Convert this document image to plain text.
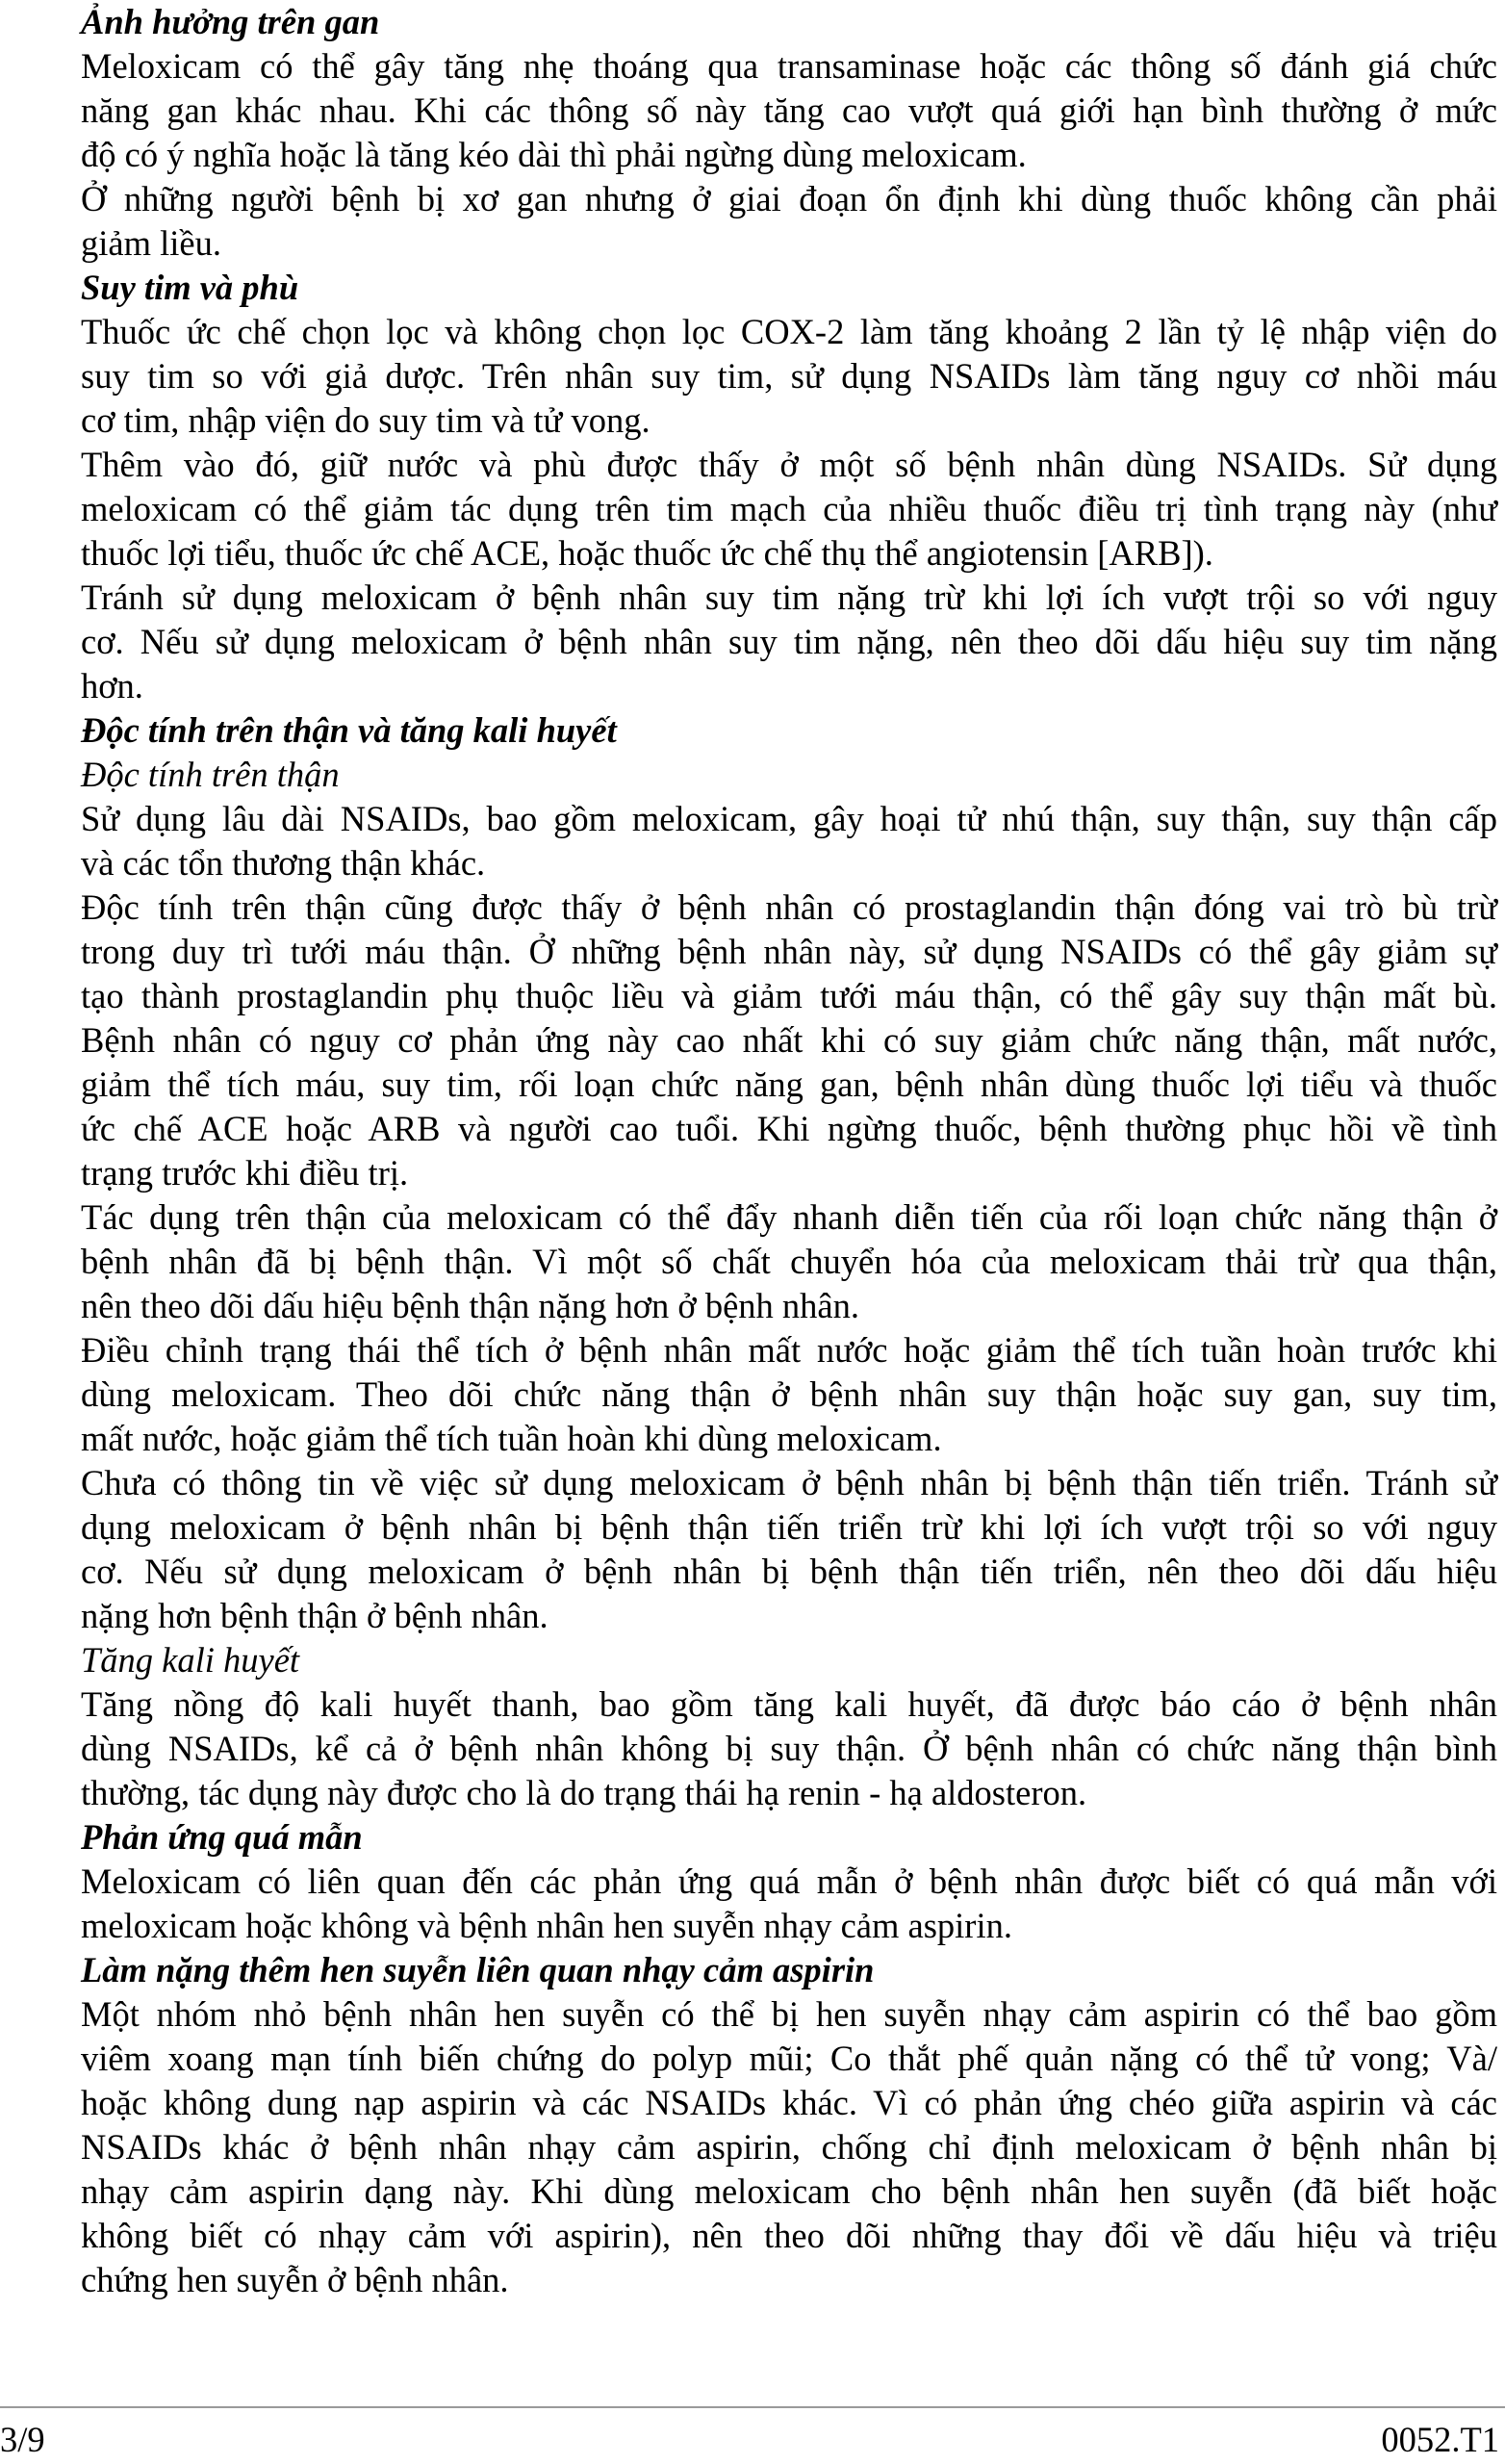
Ảnh hưởng trên gan
Meloxicam có thể gây tăng nhẹ thoáng qua transaminase hoặc các thông số đánh giá chức
năng gan khác nhau. Khi các thông số này tăng cao vượt quá giới hạn bình thường ở mức
độ có ý nghĩa hoặc là tăng kéo dài thì phải ngừng dùng meloxicam.
Ở những người bệnh bị xơ gan nhưng ở giai đoạn ổn định khi dùng thuốc không cần phải
giảm liều.
Suy tim và phù
Thuốc ức chế chọn lọc và không chọn lọc COX-2 làm tăng khoảng 2 lần tỷ lệ nhập viện do
suy tim so với giả dược. Trên nhân suy tim, sử dụng NSAIDs làm tăng nguy cơ nhồi máu
cơ tim, nhập viện do suy tim và tử vong.
Thêm vào đó, giữ nước và phù được thấy ở một số bệnh nhân dùng NSAIDs. Sử dụng
meloxicam có thể giảm tác dụng trên tim mạch của nhiều thuốc điều trị tình trạng này (như
thuốc lợi tiểu, thuốc ức chế ACE, hoặc thuốc ức chế thụ thể angiotensin [ARB]).
Tránh sử dụng meloxicam ở bệnh nhân suy tim nặng trừ khi lợi ích vượt trội so với nguy
cơ. Nếu sử dụng meloxicam ở bệnh nhân suy tim nặng, nên theo dõi dấu hiệu suy tim nặng
hơn.
Độc tính trên thận và tăng kali huyết
Độc tính trên thận
Sử dụng lâu dài NSAIDs, bao gồm meloxicam, gây hoại tử nhú thận, suy thận, suy thận cấp
và các tổn thương thận khác.
Độc tính trên thận cũng được thấy ở bệnh nhân có prostaglandin thận đóng vai trò bù trừ
trong duy trì tưới máu thận. Ở những bệnh nhân này, sử dụng NSAIDs có thể gây giảm sự
tạo thành prostaglandin phụ thuộc liều và giảm tưới máu thận, có thể gây suy thận mất bù.
Bệnh nhân có nguy cơ phản ứng này cao nhất khi có suy giảm chức năng thận, mất nước,
giảm thể tích máu, suy tim, rối loạn chức năng gan, bệnh nhân dùng thuốc lợi tiểu và thuốc
ức chế ACE hoặc ARB và người cao tuổi. Khi ngừng thuốc, bệnh thường phục hồi về tình
trạng trước khi điều trị.
Tác dụng trên thận của meloxicam có thể đẩy nhanh diễn tiến của rối loạn chức năng thận ở
bệnh nhân đã bị bệnh thận. Vì một số chất chuyển hóa của meloxicam thải trừ qua thận,
nên theo dõi dấu hiệu bệnh thận nặng hơn ở bệnh nhân.
Điều chỉnh trạng thái thể tích ở bệnh nhân mất nước hoặc giảm thể tích tuần hoàn trước khi
dùng meloxicam. Theo dõi chức năng thận ở bệnh nhân suy thận hoặc suy gan, suy tim,
mất nước, hoặc giảm thể tích tuần hoàn khi dùng meloxicam.
Chưa có thông tin về việc sử dụng meloxicam ở bệnh nhân bị bệnh thận tiến triển. Tránh sử
dụng meloxicam ở bệnh nhân bị bệnh thận tiến triển trừ khi lợi ích vượt trội so với nguy
cơ. Nếu sử dụng meloxicam ở bệnh nhân bị bệnh thận tiến triển, nên theo dõi dấu hiệu
nặng hơn bệnh thận ở bệnh nhân.
Tăng kali huyết
Tăng nồng độ kali huyết thanh, bao gồm tăng kali huyết, đã được báo cáo ở bệnh nhân
dùng NSAIDs, kể cả ở bệnh nhân không bị suy thận. Ở bệnh nhân có chức năng thận bình
thường, tác dụng này được cho là do trạng thái hạ renin - hạ aldosteron.
Phản ứng quá mẫn
Meloxicam có liên quan đến các phản ứng quá mẫn ở bệnh nhân được biết có quá mẫn với
meloxicam hoặc không và bệnh nhân hen suyễn nhạy cảm aspirin.
Làm nặng thêm hen suyễn liên quan nhạy cảm aspirin
Một nhóm nhỏ bệnh nhân hen suyễn có thể bị hen suyễn nhạy cảm aspirin có thể bao gồm
viêm xoang mạn tính biến chứng do polyp mũi; Co thắt phế quản nặng có thể tử vong; Và/
hoặc không dung nạp aspirin và các NSAIDs khác. Vì có phản ứng chéo giữa aspirin và các
NSAIDs khác ở bệnh nhân nhạy cảm aspirin, chống chỉ định meloxicam ở bệnh nhân bị
nhạy cảm aspirin dạng này. Khi dùng meloxicam cho bệnh nhân hen suyễn (đã biết hoặc
không biết có nhạy cảm với aspirin), nên theo dõi những thay đổi về dấu hiệu và triệu
chứng hen suyễn ở bệnh nhân.
3/9	0052.T1
